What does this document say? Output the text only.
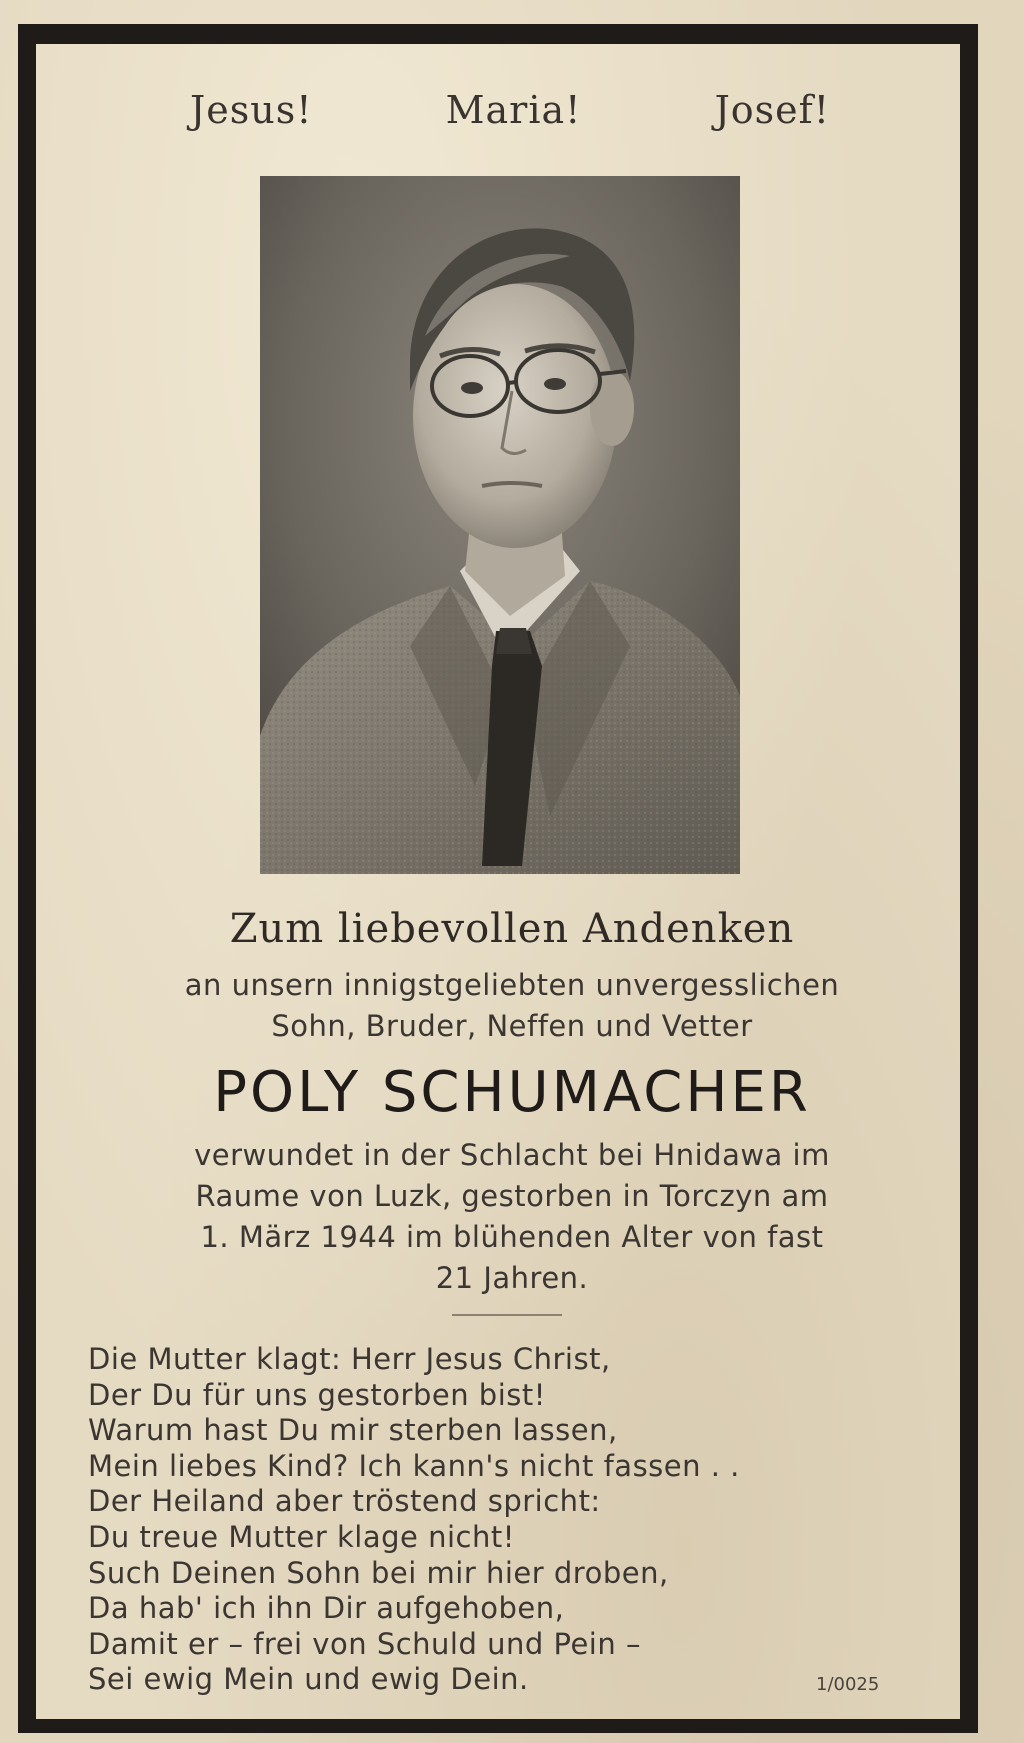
Jesus!	Maria!	Josef!
Zum liebevollen Andenken
an unsern innigstgeliebten unvergesslichen
Sohn, Bruder, Neffen und Vetter
POLY SCHUMACHER
verwundet in der Schlacht bei Hnidawa im
Raume von Luzk, gestorben in Torczyn am
1. März 1944 im blühenden Alter von fast
21 Jahren.
Die Mutter klagt: Herr Jesus Christ,
Der Du für uns gestorben bist!
Warum hast Du mir sterben lassen,
Mein liebes Kind? Ich kann's nicht fassen . .
Der Heiland aber tröstend spricht:
Du treue Mutter klage nicht!
Such Deinen Sohn bei mir hier droben,
Da hab' ich ihn Dir aufgehoben,
Damit er – frei von Schuld und Pein –
Sei ewig Mein und ewig Dein.	1/0025
